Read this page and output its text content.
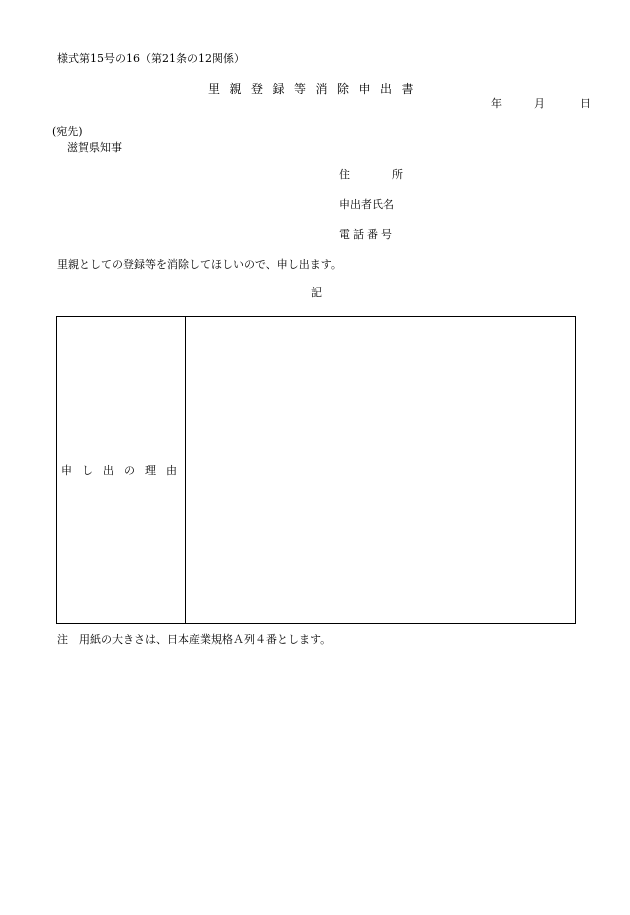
様式第15号の16（第21条の12関係）
里親登録等消除申出書
年	月	日
(宛先)
滋賀県知事
住	所
申出者氏名
電話番号
里親としての登録等を消除してほしいので、申し出ます。
記
申し出の理由
注　用紙の大きさは、日本産業規格Ａ列４番とします。
